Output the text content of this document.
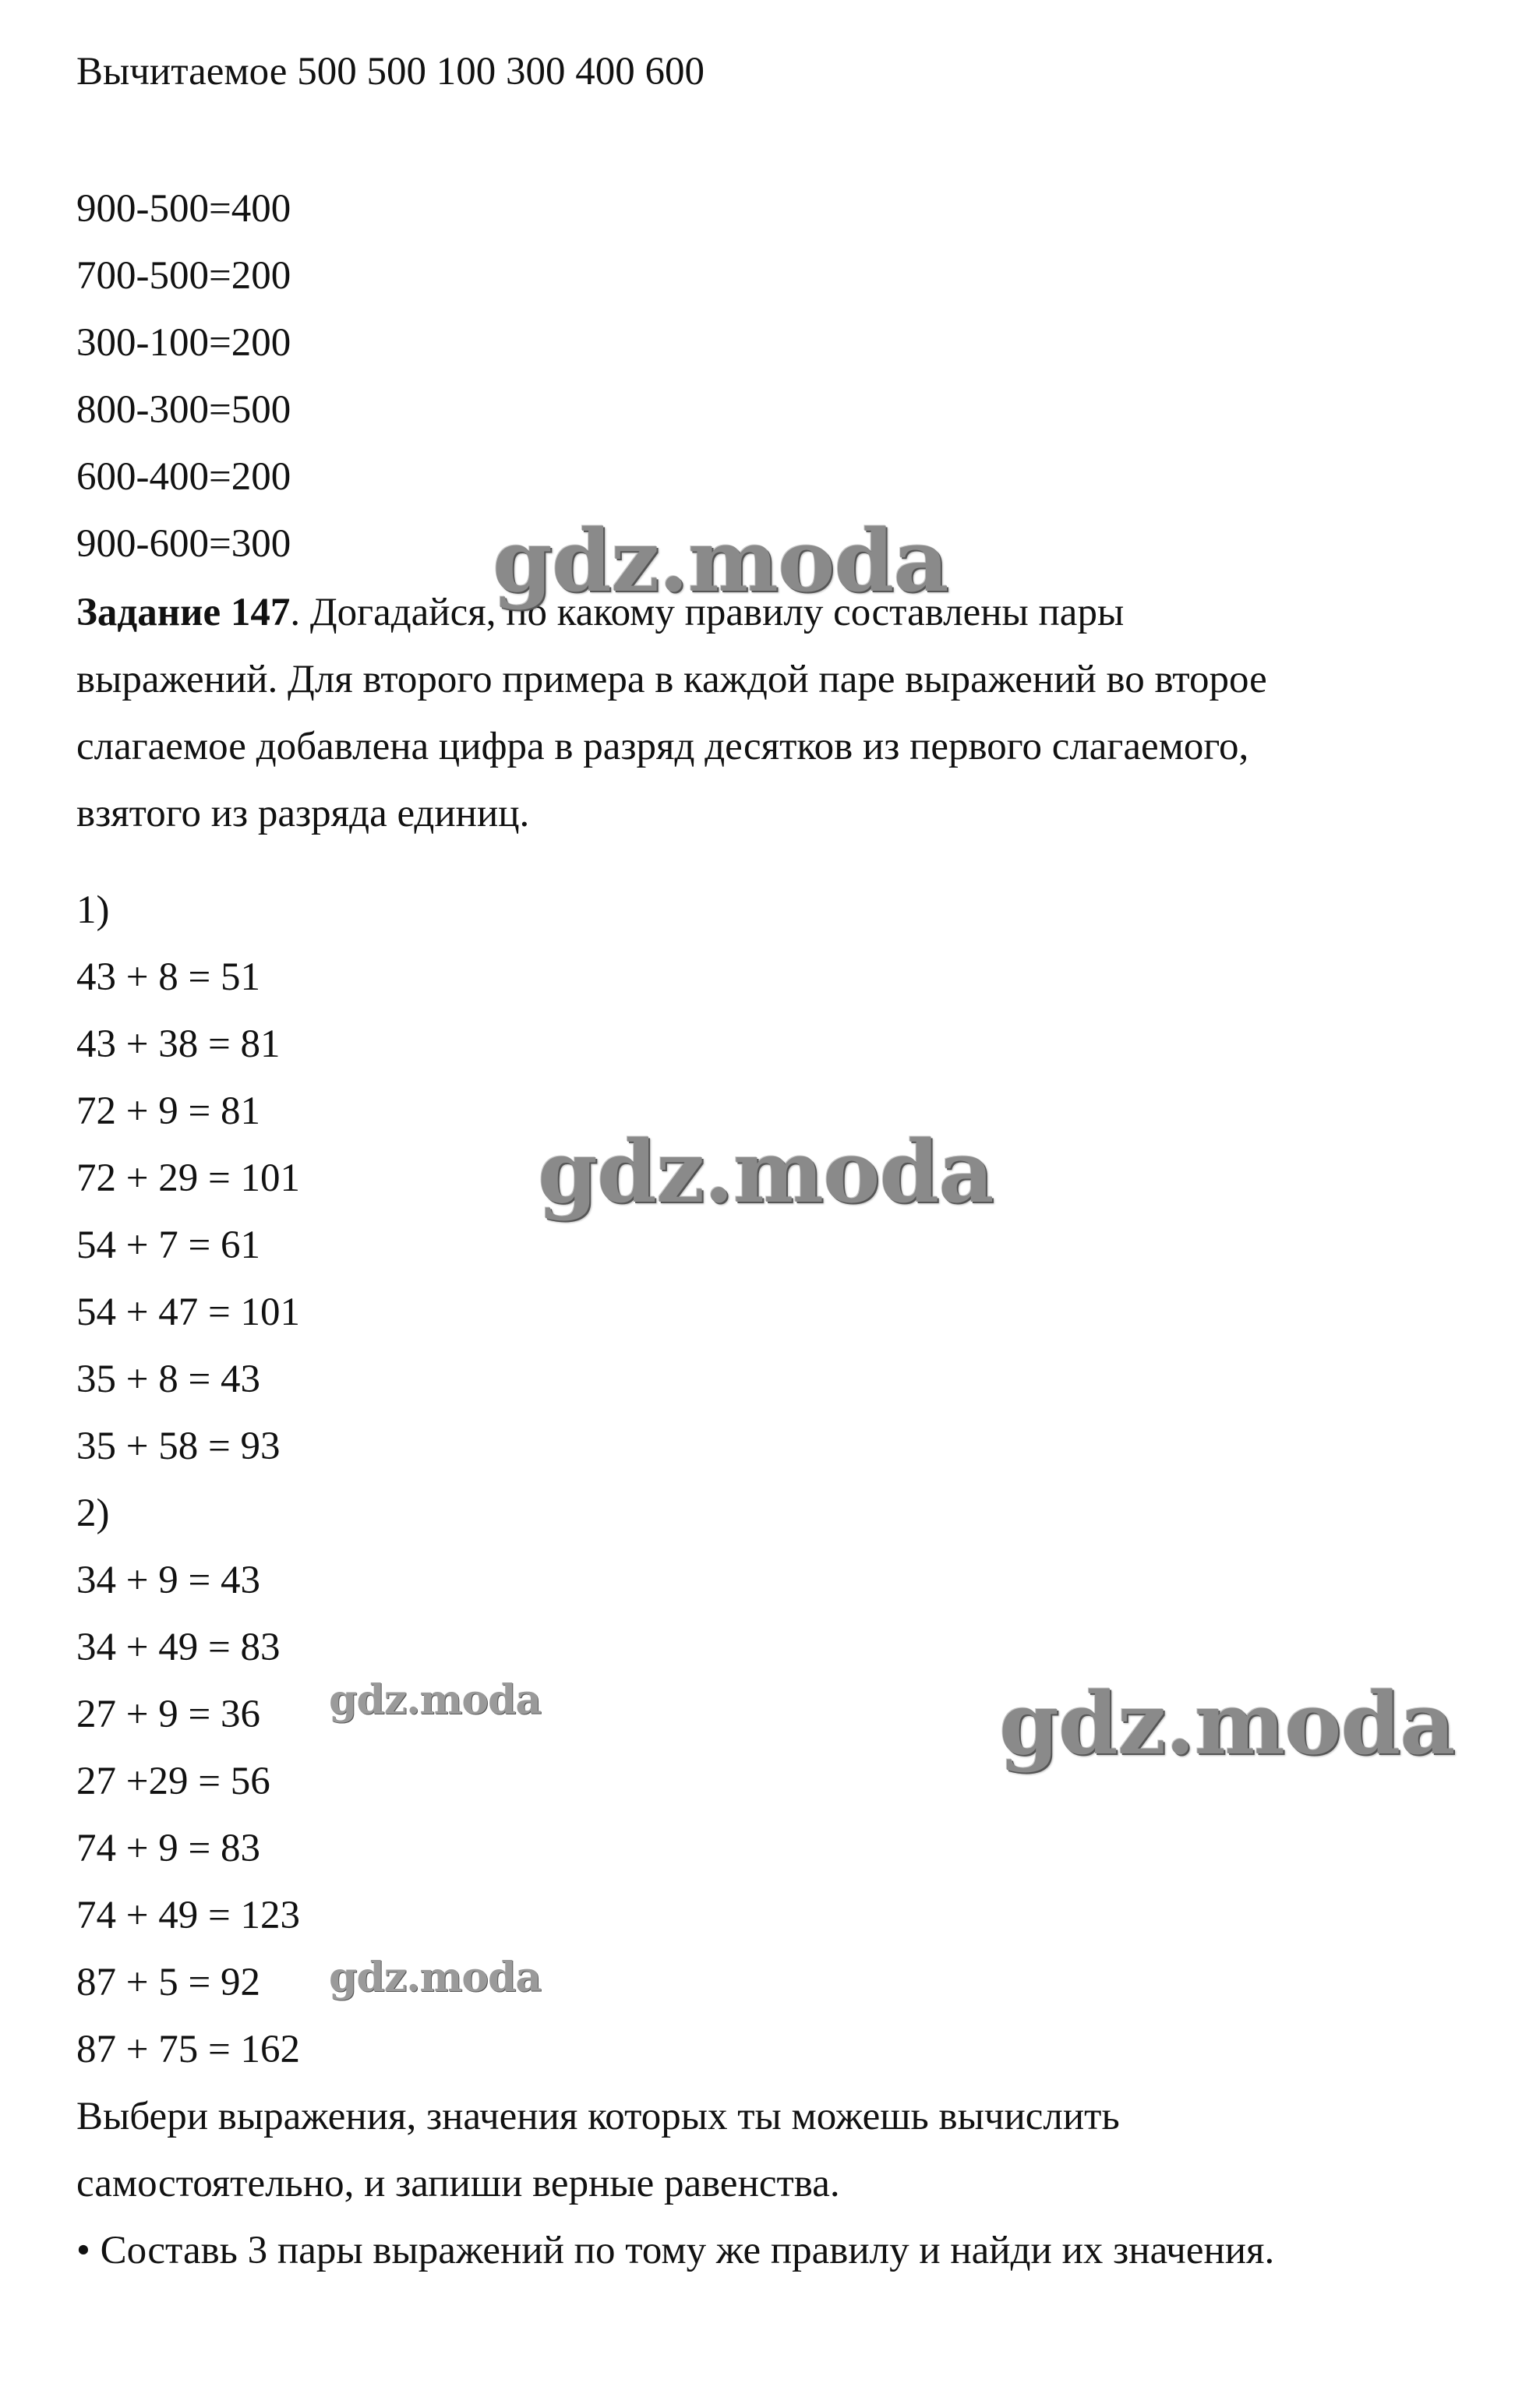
Вычитаемое 500 500 100 300 400 600
900-500=400
700-500=200
300-100=200
800-300=500
600-400=200
900-600=300
Задание 147. Догадайся, по какому правилу составлены пары
выражений. Для второго примера в каждой паре выражений во второе
слагаемое добавлена цифра в разряд десятков из первого слагаемого,
взятого из разряда единиц.
1)
43 + 8 = 51
43 + 38 = 81
72 + 9 = 81
72 + 29 = 101
54 + 7 = 61
54 + 47 = 101
35 + 8 = 43
35 + 58 = 93
2)
34 + 9 = 43
34 + 49 = 83
27 + 9 = 36
27 +29 = 56
74 + 9 = 83
74 + 49 = 123
87 + 5 = 92
87 + 75 = 162
Выбери выражения, значения которых ты можешь вычислить
самостоятельно, и запиши верные равенства.
• Составь 3 пары выражений по тому же правилу и найди их значения.
gdz.moda
gdz.moda
gdz.moda
gdz.moda
gdz.moda
